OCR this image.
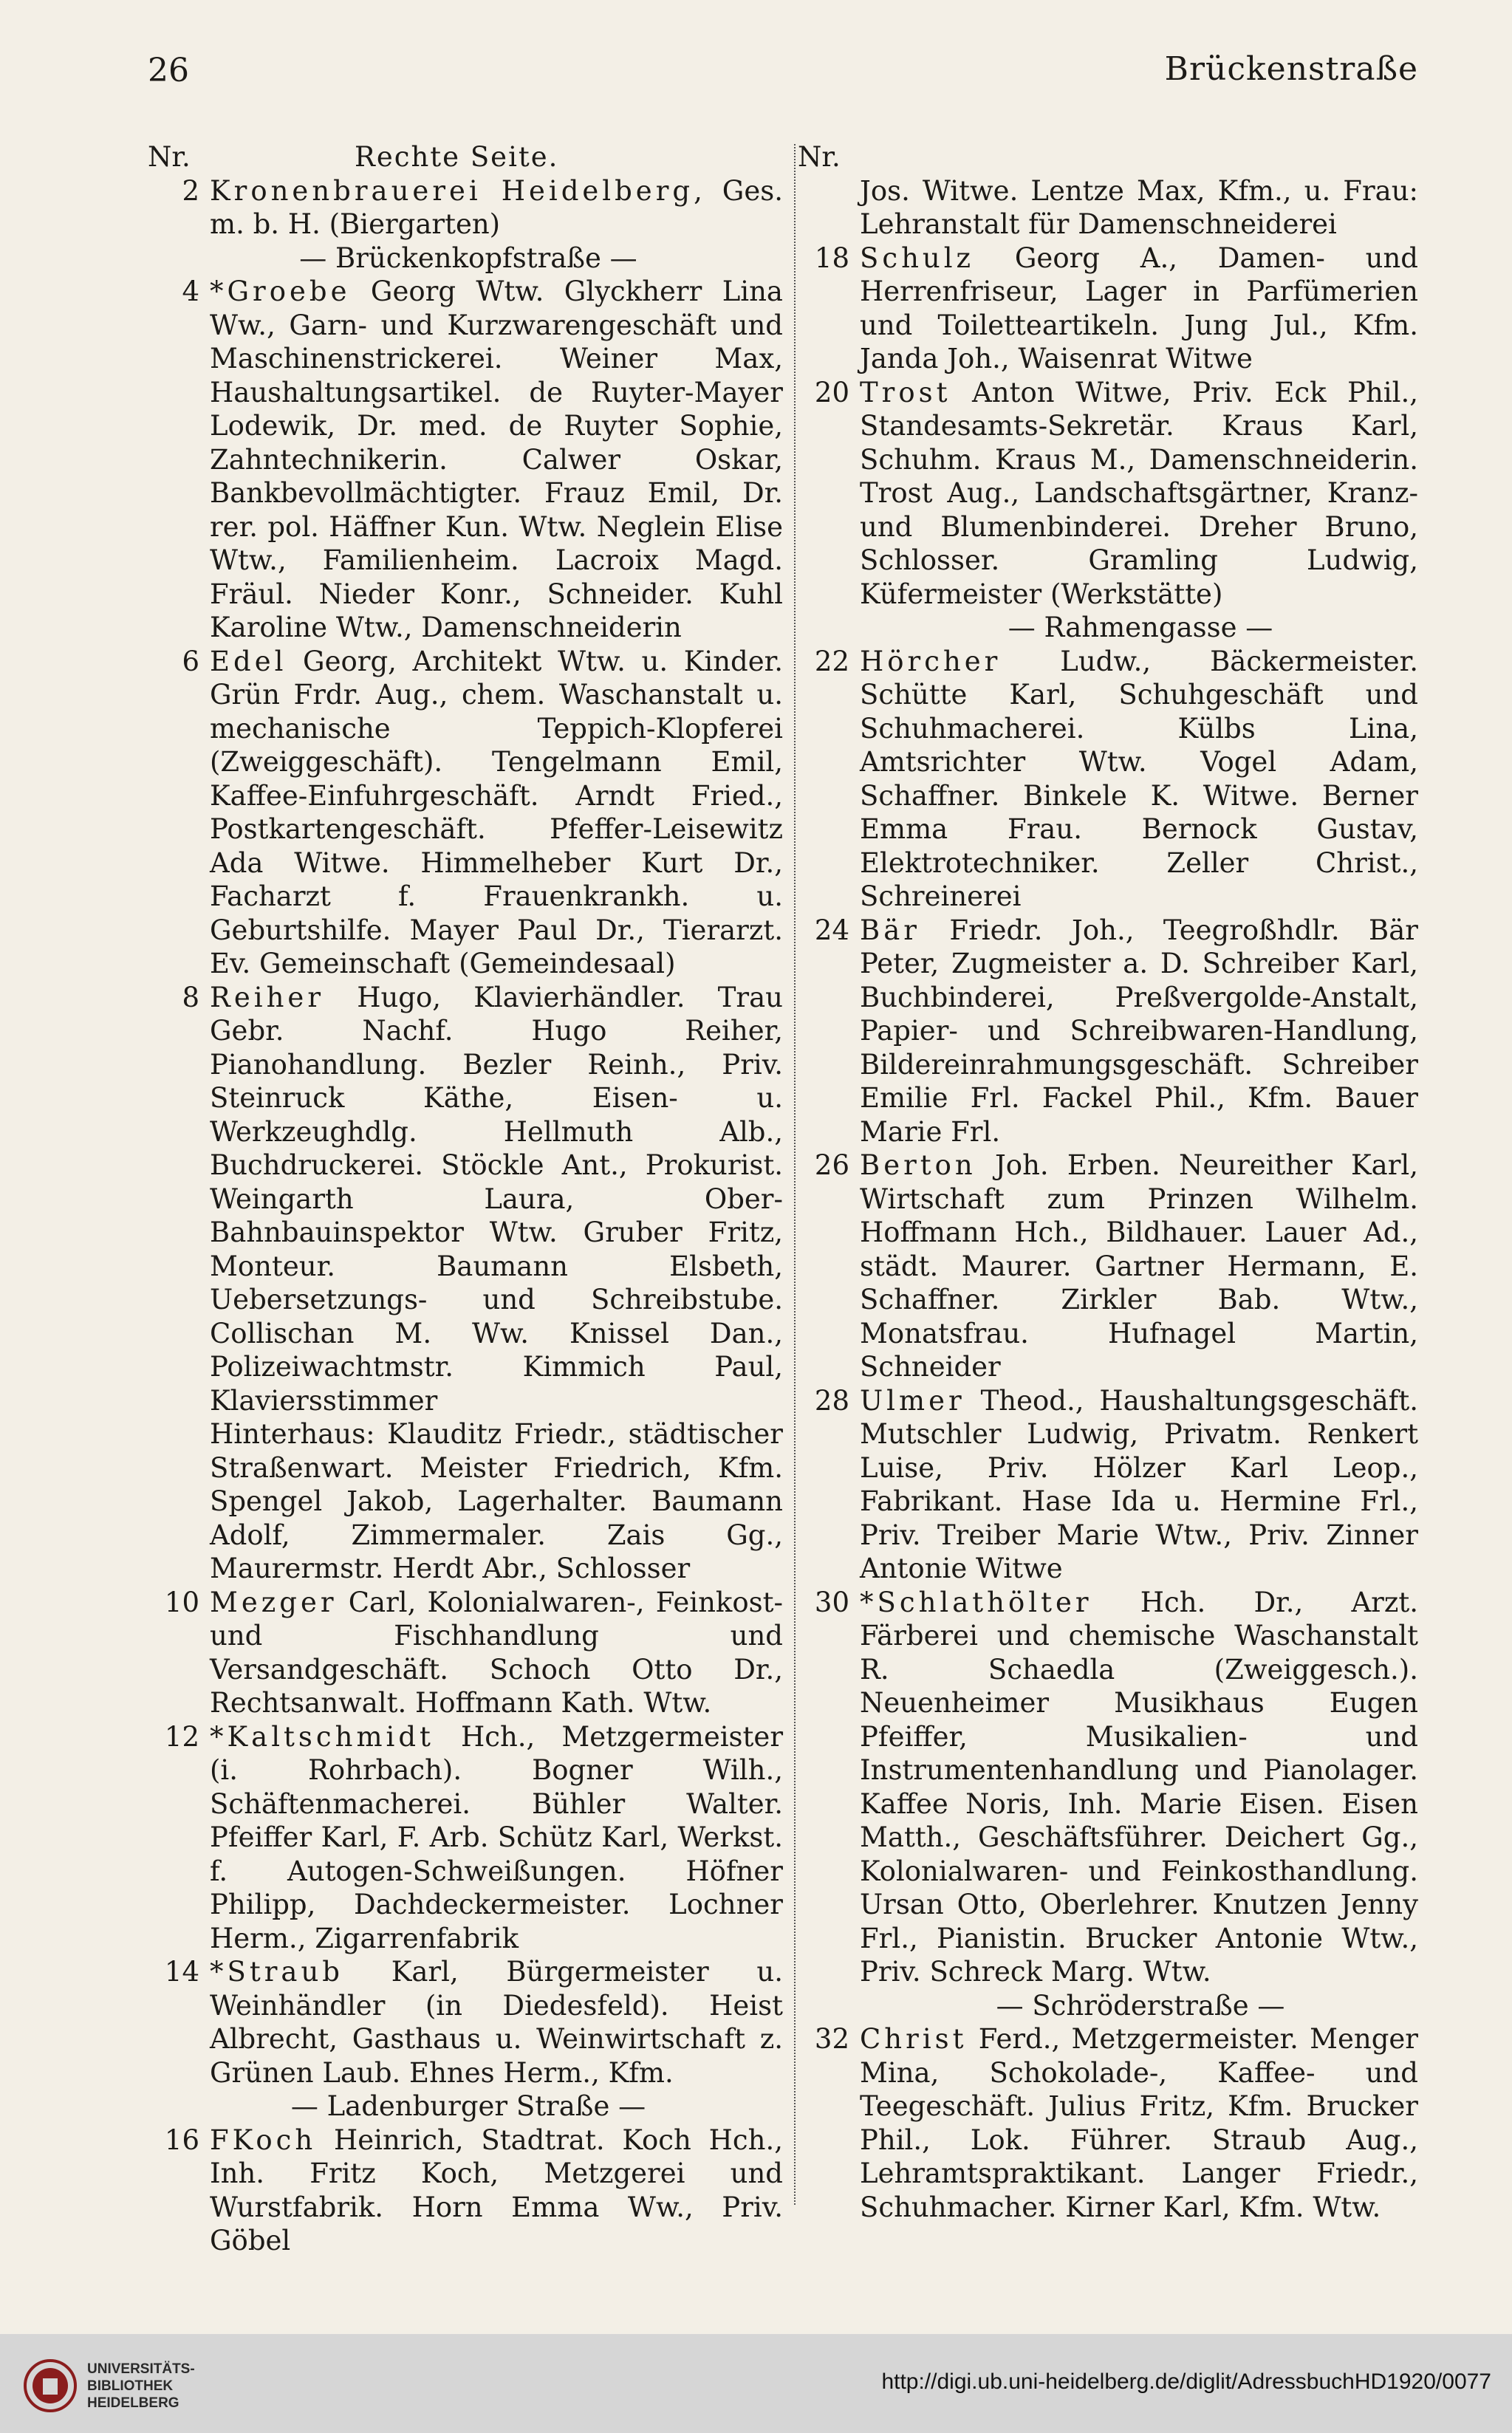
26	Brückenstraße
Nr.	Rechte Seite.
2 Kronenbrauerei Heidelberg, Ges. m. b. H. (Biergarten)
— Brückenkopfstraße —
4 *Groebe Georg Wtw. Glyckherr Lina Ww., Garn- und Kurzwarengeschäft und Maschinenstrickerei. Weiner Max, Haushaltungsartikel. de Ruyter-Mayer Lodewik, Dr. med. de Ruyter Sophie, Zahntechnikerin. Calwer Oskar, Bankbevollmächtigter. Frauz Emil, Dr. rer. pol. Häffner Kun. Wtw. Neglein Elise Wtw., Familienheim. Lacroix Magd. Fräul. Nieder Konr., Schneider. Kuhl Karoline Wtw., Damenschneiderin
6 Edel Georg, Architekt Wtw. u. Kinder. Grün Frdr. Aug., chem. Waschanstalt u. mechanische Teppich-Klopferei (Zweiggeschäft). Tengelmann Emil, Kaffee-Einfuhrgeschäft. Arndt Fried., Postkartengeschäft. Pfeffer-Leisewitz Ada Witwe. Himmelheber Kurt Dr., Facharzt f. Frauenkrankh. u. Geburtshilfe. Mayer Paul Dr., Tierarzt. Ev. Gemeinschaft (Gemeindesaal)
8 Reiher Hugo, Klavierhändler. Trau Gebr. Nachf. Hugo Reiher, Pianohandlung. Bezler Reinh., Priv. Steinruck Käthe, Eisen- u. Werkzeughdlg. Hellmuth Alb., Buchdruckerei. Stöckle Ant., Prokurist. Weingarth Laura, Ober-Bahnbauinspektor Wtw. Gruber Fritz, Monteur. Baumann Elsbeth, Uebersetzungs- und Schreibstube. Collischan M. Ww. Knissel Dan., Polizeiwachtmstr. Kimmich Paul, Klaviersstimmer
Hinterhaus: Klauditz Friedr., städtischer Straßenwart. Meister Friedrich, Kfm. Spengel Jakob, Lagerhalter. Baumann Adolf, Zimmermaler. Zais Gg., Maurermstr. Herdt Abr., Schlosser
10 Mezger Carl, Kolonialwaren-, Feinkost- und Fischhandlung und Versandgeschäft. Schoch Otto Dr., Rechtsanwalt. Hoffmann Kath. Wtw.
12 *Kaltschmidt Hch., Metzgermeister (i. Rohrbach). Bogner Wilh., Schäftenmacherei. Bühler Walter. Pfeiffer Karl, F. Arb. Schütz Karl, Werkst. f. Autogen-Schweißungen. Höfner Philipp, Dachdeckermeister. Lochner Herm., Zigarrenfabrik
14 *Straub Karl, Bürgermeister u. Weinhändler (in Diedesfeld). Heist Albrecht, Gasthaus u. Weinwirtschaft z. Grünen Laub. Ehnes Herm., Kfm.
— Ladenburger Straße —
16 FKoch Heinrich, Stadtrat. Koch Hch., Inh. Fritz Koch, Metzgerei und Wurstfabrik. Horn Emma Ww., Priv. Göbel
Nr.
Jos. Witwe. Lentze Max, Kfm., u. Frau: Lehranstalt für Damenschneiderei
18 Schulz Georg A., Damen- und Herrenfriseur, Lager in Parfümerien und Toiletteartikeln. Jung Jul., Kfm. Janda Joh., Waisenrat Witwe
20 Trost Anton Witwe, Priv. Eck Phil., Standesamts-Sekretär. Kraus Karl, Schuhm. Kraus M., Damenschneiderin. Trost Aug., Landschaftsgärtner, Kranz- und Blumenbinderei. Dreher Bruno, Schlosser. Gramling Ludwig, Küfermeister (Werkstätte)
— Rahmengasse —
22 Hörcher Ludw., Bäckermeister. Schütte Karl, Schuhgeschäft und Schuhmacherei. Külbs Lina, Amtsrichter Wtw. Vogel Adam, Schaffner. Binkele K. Witwe. Berner Emma Frau. Bernock Gustav, Elektrotechniker. Zeller Christ., Schreinerei
24 Bär Friedr. Joh., Teegroßhdlr. Bär Peter, Zugmeister a. D. Schreiber Karl, Buchbinderei, Preßvergolde-Anstalt, Papier- und Schreibwaren-Handlung, Bildereinrahmungsgeschäft. Schreiber Emilie Frl. Fackel Phil., Kfm. Bauer Marie Frl.
26 Berton Joh. Erben. Neureither Karl, Wirtschaft zum Prinzen Wilhelm. Hoffmann Hch., Bildhauer. Lauer Ad., städt. Maurer. Gartner Hermann, E. Schaffner. Zirkler Bab. Wtw., Monatsfrau. Hufnagel Martin, Schneider
28 Ulmer Theod., Haushaltungsgeschäft. Mutschler Ludwig, Privatm. Renkert Luise, Priv. Hölzer Karl Leop., Fabrikant. Hase Ida u. Hermine Frl., Priv. Treiber Marie Wtw., Priv. Zinner Antonie Witwe
30 *Schlathölter Hch. Dr., Arzt. Färberei und chemische Waschanstalt R. Schaedla (Zweiggesch.). Neuenheimer Musikhaus Eugen Pfeiffer, Musikalien- und Instrumentenhandlung und Pianolager. Kaffee Noris, Inh. Marie Eisen. Eisen Matth., Geschäftsführer. Deichert Gg., Kolonialwaren- und Feinkosthandlung. Ursan Otto, Oberlehrer. Knutzen Jenny Frl., Pianistin. Brucker Antonie Wtw., Priv. Schreck Marg. Wtw.
— Schröderstraße —
32 Christ Ferd., Metzgermeister. Menger Mina, Schokolade-, Kaffee- und Teegeschäft. Julius Fritz, Kfm. Brucker Phil., Lok. Führer. Straub Aug., Lehramtspraktikant. Langer Friedr., Schuhmacher. Kirner Karl, Kfm. Wtw.
UNIVERSITÄTS-
BIBLIOTHEK
HEIDELBERG
http://digi.ub.uni-heidelberg.de/diglit/AdressbuchHD1920/0077
